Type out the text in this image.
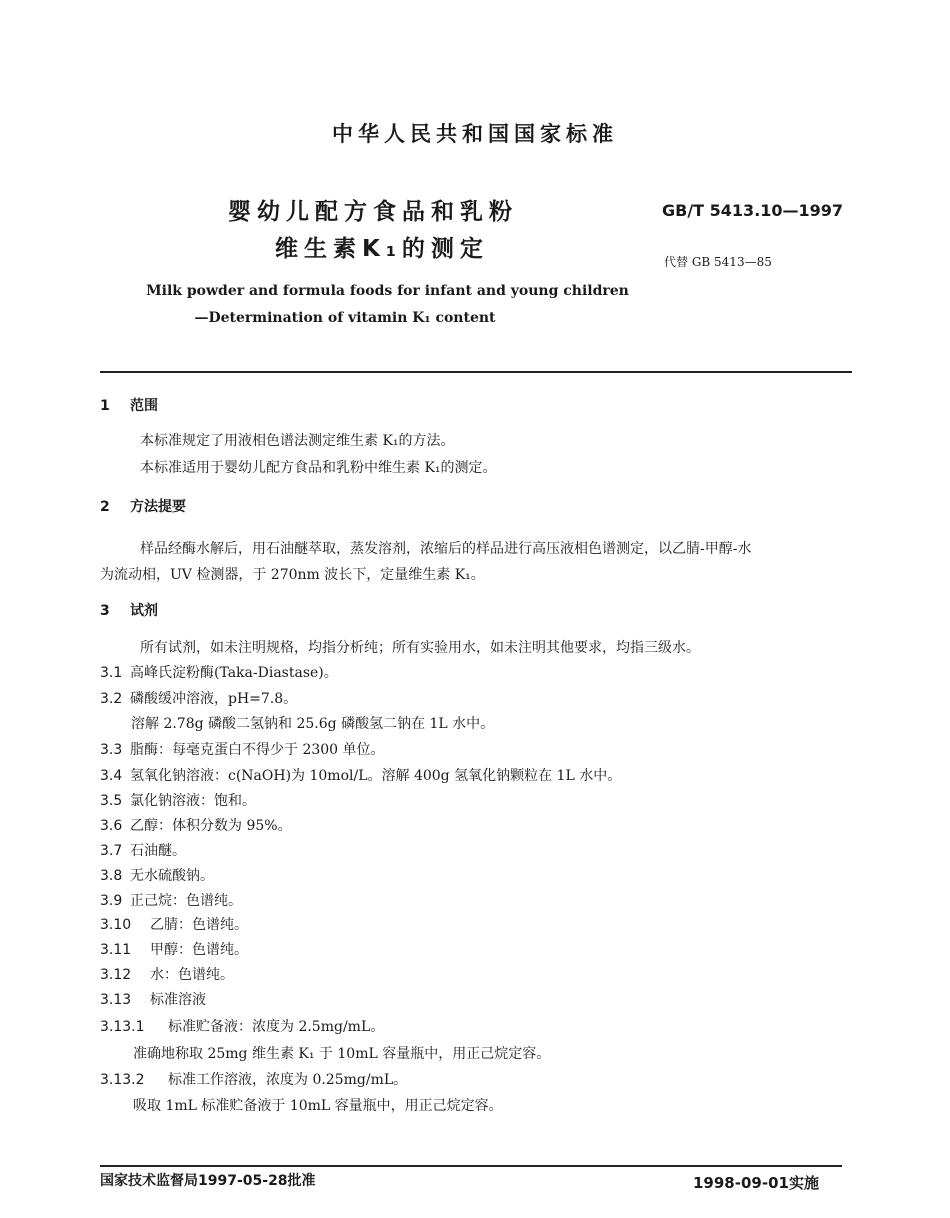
中华人民共和国国家标准
婴幼儿配方食品和乳粉
维生素K₁的测定
GB/T 5413.10—1997
代替 GB 5413—85
Milk powder and formula foods for infant and young children
—Determination of vitamin K₁ content
1 范围
本标准规定了用液相色谱法测定维生素 K₁的方法。
本标准适用于婴幼儿配方食品和乳粉中维生素 K₁的测定。
2 方法提要
样品经酶水解后，用石油醚萃取，蒸发溶剂，浓缩后的样品进行高压液相色谱测定，以乙腈-甲醇-水
为流动相，UV 检测器，于 270nm 波长下，定量维生素 K₁。
3 试剂
所有试剂，如未注明规格，均指分析纯；所有实验用水，如未注明其他要求，均指三级水。
3.1 高峰氏淀粉酶(Taka-Diastase)。
3.2 磷酸缓冲溶液，pH=7.8。
溶解 2.78g 磷酸二氢钠和 25.6g 磷酸氢二钠在 1L 水中。
3.3 脂酶：每毫克蛋白不得少于 2300 单位。
3.4 氢氧化钠溶液：c(NaOH)为 10mol/L。溶解 400g 氢氧化钠颗粒在 1L 水中。
3.5 氯化钠溶液：饱和。
3.6 乙醇：体积分数为 95%。
3.7 石油醚。
3.8 无水硫酸钠。
3.9 正己烷：色谱纯。
3.10 乙腈：色谱纯。
3.11 甲醇：色谱纯。
3.12 水：色谱纯。
3.13 标准溶液
3.13.1 标准贮备液：浓度为 2.5mg/mL。
准确地称取 25mg 维生素 K₁ 于 10mL 容量瓶中，用正己烷定容。
3.13.2 标准工作溶液，浓度为 0.25mg/mL。
吸取 1mL 标准贮备液于 10mL 容量瓶中，用正己烷定容。
国家技术监督局1997-05-28批准	1998-09-01实施
